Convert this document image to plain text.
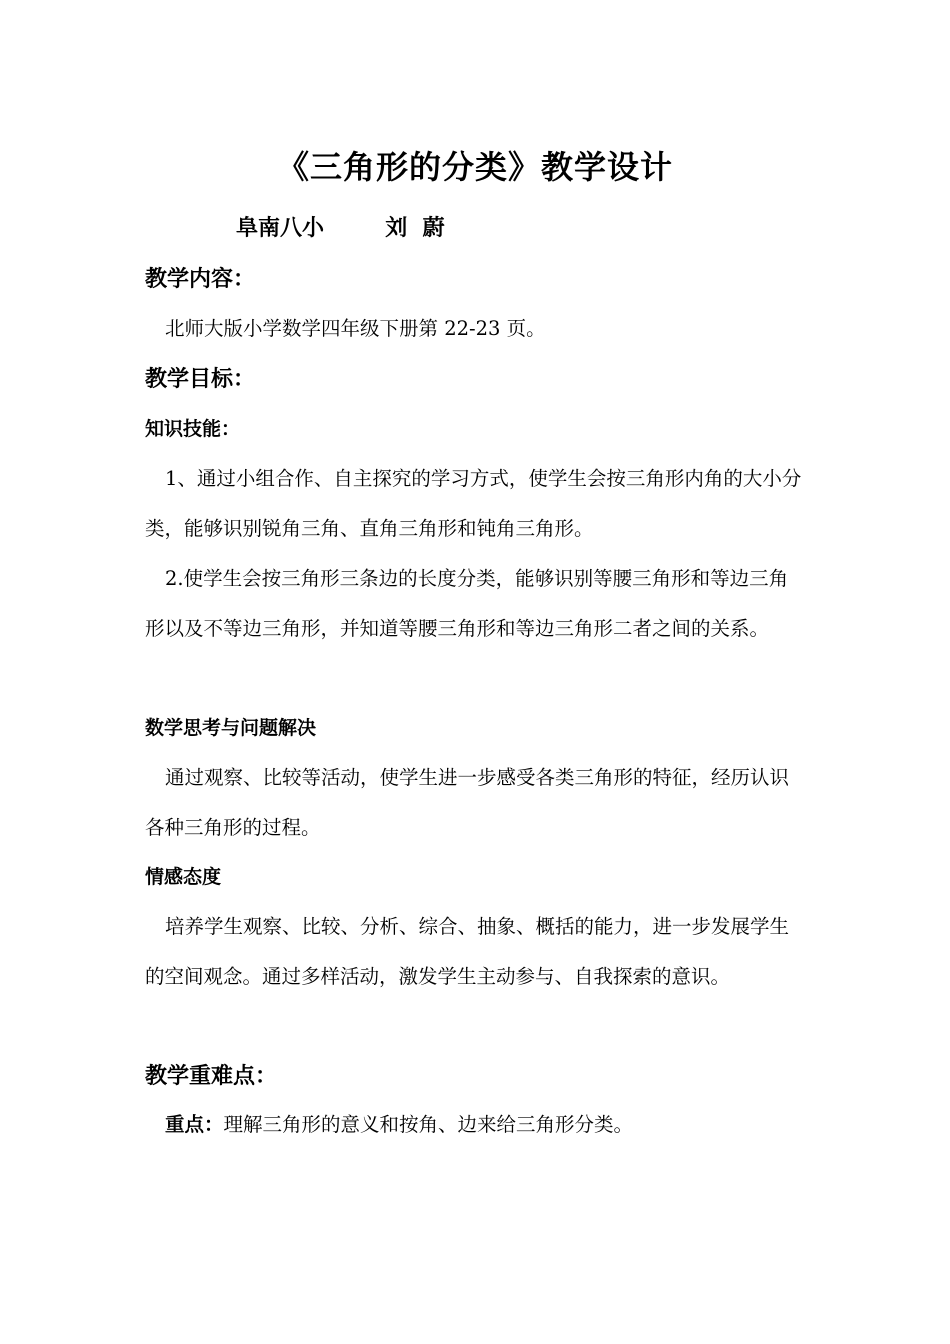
《三角形的分类》教学设计
阜南八小        刘  蔚
教学内容：

北师大版小学数学四年级下册第 22-23 页。

教学目标：
知识技能：

1、通过小组合作、自主探究的学习方式，使学生会按三角形内角的大小分类，能够识别锐角三角、直角三角形和钝角三角形。

2.使学生会按三角形三条边的长度分类，能够识别等腰三角形和等边三角形以及不等边三角形，并知道等腰三角形和等边三角形二者之间的关系。

数学思考与问题解决

通过观察、比较等活动，使学生进一步感受各类三角形的特征，经历认识各种三角形的过程。

情感态度

培养学生观察、比较、分析、综合、抽象、概括的能力，进一步发展学生的空间观念。通过多样活动，激发学生主动参与、自我探索的意识。

教学重难点：

重点：理解三角形的意义和按角、边来给三角形分类。
